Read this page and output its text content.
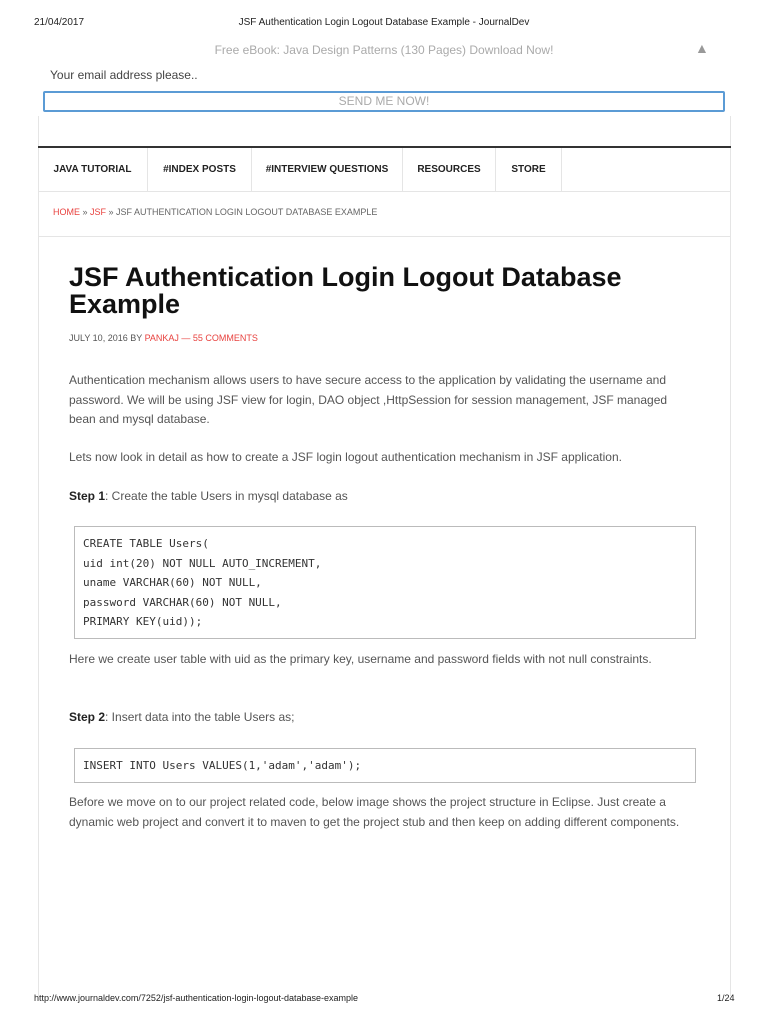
21/04/2017	JSF Authentication Login Logout Database Example - JournalDev
Free eBook: Java Design Patterns (130 Pages) Download Now!	▲
Your email address please..
SEND ME NOW!
JAVA TUTORIAL	#INDEX POSTS	#INTERVIEW QUESTIONS	RESOURCES	STORE
HOME » JSF » JSF AUTHENTICATION LOGIN LOGOUT DATABASE EXAMPLE
JSF Authentication Login Logout Database Example
JULY 10, 2016 BY PANKAJ — 55 COMMENTS

Authentication mechanism allows users to have secure access to the application by validating the username and password. We will be using JSF view for login, DAO object ,HttpSession for session management, JSF managed bean and mysql database.

Lets now look in detail as how to create a JSF login logout authentication mechanism in JSF application.

Step 1: Create the table Users in mysql database as

CREATE TABLE Users(
uid int(20) NOT NULL AUTO_INCREMENT,
uname VARCHAR(60) NOT NULL,
password VARCHAR(60) NOT NULL,
PRIMARY KEY(uid));

Here we create user table with uid as the primary key, username and password fields with not null constraints.

Step 2: Insert data into the table Users as;

INSERT INTO Users VALUES(1,'adam','adam');

Before we move on to our project related code, below image shows the project structure in Eclipse. Just create a dynamic web project and convert it to maven to get the project stub and then keep on adding different components.

http://www.journaldev.com/7252/jsf-authentication-login-logout-database-example	1/24
